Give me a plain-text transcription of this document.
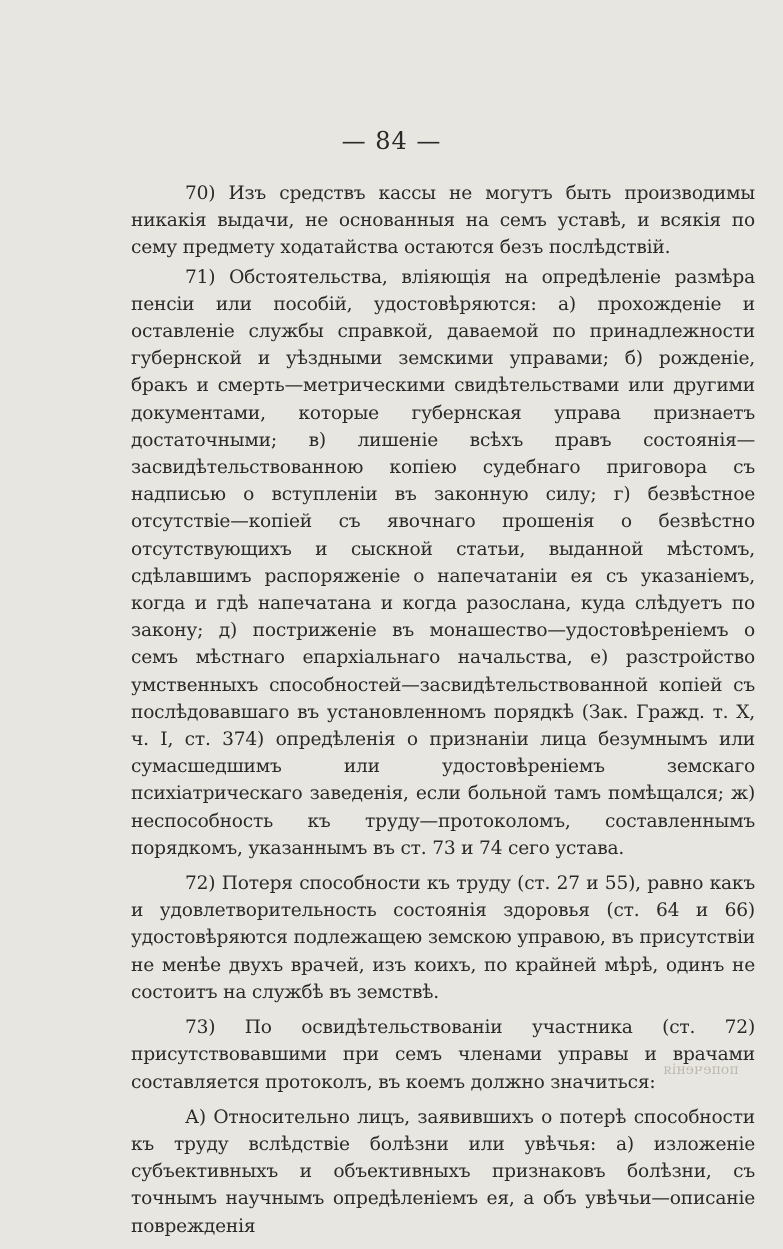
— 84 —

70) Изъ средствъ кассы не могутъ быть производимы никакія выдачи, не основанныя на семъ уставѣ, и всякія по сему предмету ходатайства остаются безъ послѣдствій.

71) Обстоятельства, вліяющія на опредѣленіе размѣра пенсіи или пособій, удостовѣряются: а) прохожденіе и оставленіе службы справкой, даваемой по принадлежности губернской и уѣздными земскими управами; б) рожденіе, бракъ и смерть—метрическими свидѣтельствами или другими документами, которые губернская управа признаетъ достаточными; в) лишеніе всѣхъ правъ состоянія—засвидѣтельствованною копіею судебнаго приговора съ надписью о вступленіи въ законную силу; г) безвѣстное отсутствіе—копіей съ явочнаго прошенія о безвѣстно отсутствующихъ и сыскной статьи, выданной мѣстомъ, сдѣлавшимъ распоряженіе о напечатаніи ея съ указаніемъ, когда и гдѣ напечатана и когда разослана, куда слѣдуетъ по закону; д) постриженіе въ монашество—удостовѣреніемъ о семъ мѣстнаго епархіальнаго начальства, е) разстройство умственныхъ способностей—засвидѣтельствованной копіей съ послѣдовавшаго въ установленномъ порядкѣ (Зак. Гражд. т. X, ч. I, ст. 374) опредѣленія о признаніи лица безумнымъ или сумасшедшимъ или удостовѣреніемъ земскаго психіатрическаго заведенія, если больной тамъ помѣщался; ж) неспособность къ труду—протоколомъ, составленнымъ порядкомъ, указаннымъ въ ст. 73 и 74 сего устава.

72) Потеря способности къ труду (ст. 27 и 55), равно какъ и удовлетворительность состоянія здоровья (ст. 64 и 66) удостовѣряются подлежащею земскою управою, въ присутствіи не менѣе двухъ врачей, изъ коихъ, по крайней мѣрѣ, одинъ не состоитъ на службѣ въ земствѣ.

73) По освидѣтельствованіи участника (ст. 72) присутствовавшими при семъ членами управы и врачами составляется протоколъ, въ коемъ должно значиться:

А) Относительно лицъ, заявившихъ о потерѣ способности къ труду вслѣдствіе болѣзни или увѣчья: а) изложеніе субъективныхъ и объективныхъ признаковъ болѣзни, съ точнымъ научнымъ опредѣленіемъ ея, а объ увѣчьи—описаніе поврежденія

попеченія
